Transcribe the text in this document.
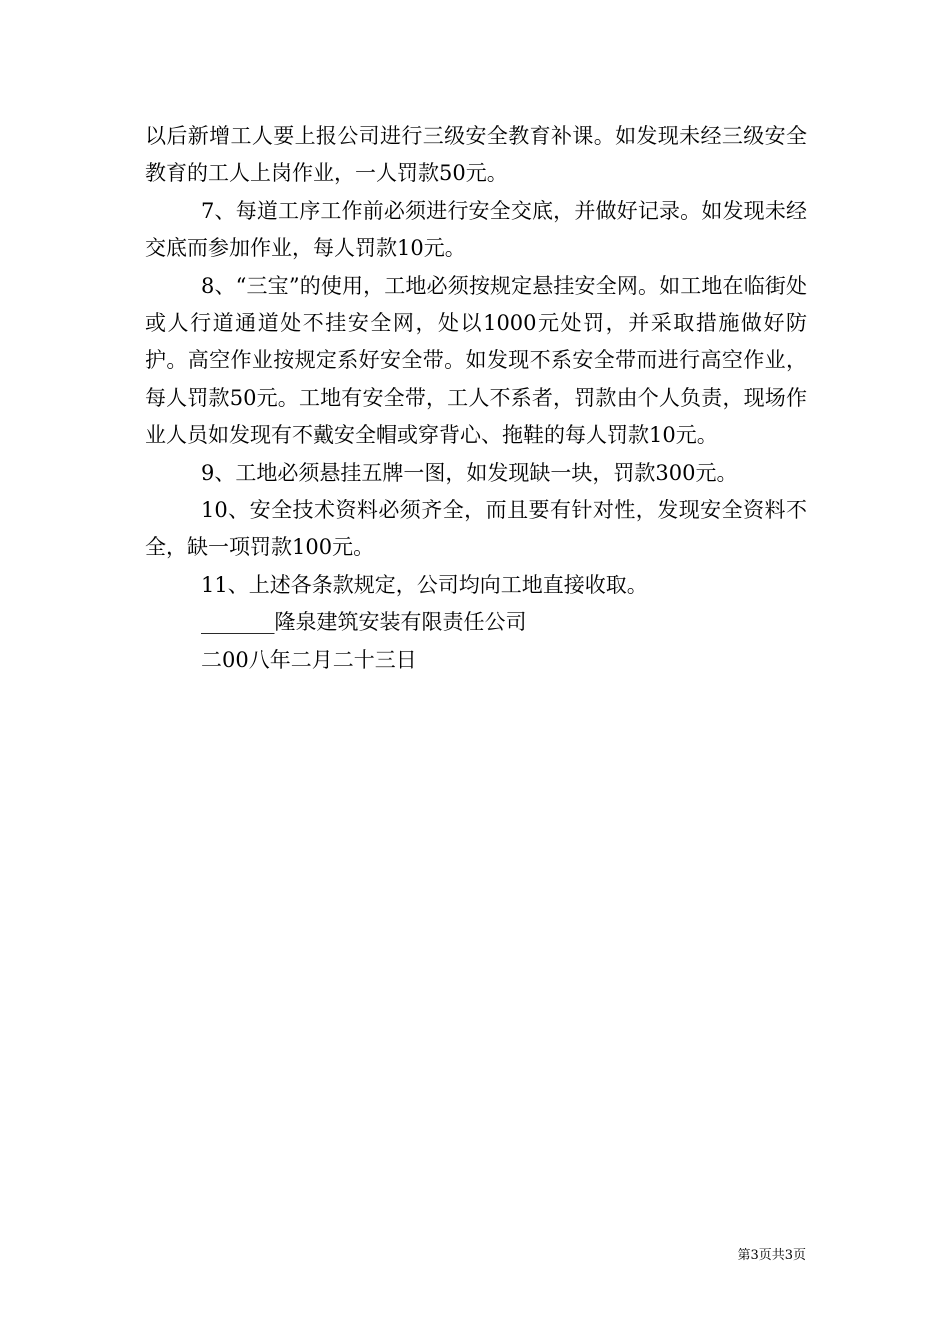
以后新增工人要上报公司进行三级安全教育补课。如发现未经三级安全教育的工人上岗作业，一人罚款50元。

7、每道工序工作前必须进行安全交底，并做好记录。如发现未经交底而参加作业，每人罚款10元。

8、“三宝”的使用，工地必须按规定悬挂安全网。如工地在临街处或人行道通道处不挂安全网，处以1000元处罚，并采取措施做好防护。高空作业按规定系好安全带。如发现不系安全带而进行高空作业，每人罚款50元。工地有安全带，工人不系者，罚款由个人负责，现场作业人员如发现有不戴安全帽或穿背心、拖鞋的每人罚款10元。

9、工地必须悬挂五牌一图，如发现缺一块，罚款300元。

10、安全技术资料必须齐全，而且要有针对性，发现安全资料不全，缺一项罚款100元。

11、上述各条款规定，公司均向工地直接收取。

_______隆泉建筑安装有限责任公司

二00八年二月二十三日

第3页共3页
